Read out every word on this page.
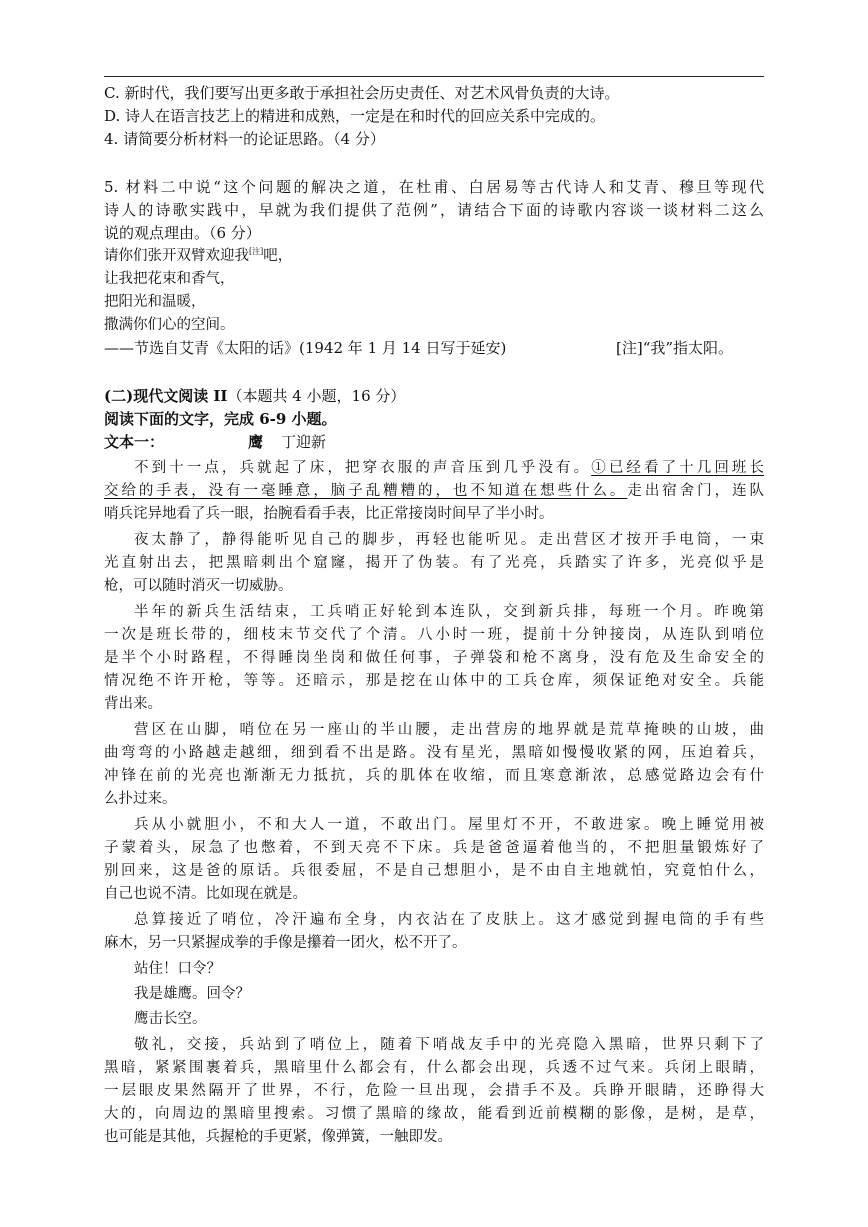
C. 新时代，我们要写出更多敢于承担社会历史责任、对艺术风骨负责的大诗。
D. 诗人在语言技艺上的精进和成熟，一定是在和时代的回应关系中完成的。
4. 请简要分析材料一的论证思路。（4 分）
5. 材料二中说“这个问题的解决之道，在杜甫、白居易等古代诗人和艾青、穆旦等现代
诗人的诗歌实践中，早就为我们提供了范例”，请结合下面的诗歌内容谈一谈材料二这么
说的观点理由。（6 分）
请你们张开双臂欢迎我[注]吧，
让我把花束和香气，
把阳光和温暖，
撒满你们心的空间。
——节选自艾青《太阳的话》(1942 年 1 月 14 日写于延安)	[注]“我”指太阳。
(二)现代文阅读 II（本题共 4 小题，16 分）
阅读下面的文字，完成 6-9 小题。
文本一：	鹰 丁迎新
不到十一点，兵就起了床，把穿衣服的声音压到几乎没有。①已经看了十几回班长
交给的手表，没有一毫睡意，脑子乱糟糟的，也不知道在想些什么。走出宿舍门，连队
哨兵诧异地看了兵一眼，抬腕看看手表，比正常接岗时间早了半小时。
夜太静了，静得能听见自己的脚步，再轻也能听见。走出营区才按开手电筒，一束
光直射出去，把黑暗刺出个窟窿，揭开了伪装。有了光亮，兵踏实了许多，光亮似乎是
枪，可以随时消灭一切威胁。
半年的新兵生活结束，工兵哨正好轮到本连队，交到新兵排，每班一个月。昨晚第
一次是班长带的，细枝末节交代了个清。八小时一班，提前十分钟接岗，从连队到哨位
是半个小时路程，不得睡岗坐岗和做任何事，子弹袋和枪不离身，没有危及生命安全的
情况绝不许开枪，等等。还暗示，那是挖在山体中的工兵仓库，须保证绝对安全。兵能
背出来。
营区在山脚，哨位在另一座山的半山腰，走出营房的地界就是荒草掩映的山坡，曲
曲弯弯的小路越走越细，细到看不出是路。没有星光，黑暗如慢慢收紧的网，压迫着兵，
冲锋在前的光亮也渐渐无力抵抗，兵的肌体在收缩，而且寒意渐浓，总感觉路边会有什
么扑过来。
兵从小就胆小，不和大人一道，不敢出门。屋里灯不开，不敢进家。晚上睡觉用被
子蒙着头，尿急了也憋着，不到天亮不下床。兵是爸爸逼着他当的，不把胆量锻炼好了
别回来，这是爸的原话。兵很委屈，不是自己想胆小，是不由自主地就怕，究竟怕什么，
自己也说不清。比如现在就是。
总算接近了哨位，冷汗遍布全身，内衣沾在了皮肤上。这才感觉到握电筒的手有些
麻木，另一只紧握成拳的手像是攥着一团火，松不开了。
站住！口令？
我是雄鹰。回令？
鹰击长空。
敬礼，交接，兵站到了哨位上，随着下哨战友手中的光亮隐入黑暗，世界只剩下了
黑暗，紧紧围裹着兵，黑暗里什么都会有，什么都会出现，兵透不过气来。兵闭上眼睛，
一层眼皮果然隔开了世界，不行，危险一旦出现，会措手不及。兵睁开眼睛，还睁得大
大的，向周边的黑暗里搜索。习惯了黑暗的缘故，能看到近前模糊的影像，是树，是草，
也可能是其他，兵握枪的手更紧，像弹簧，一触即发。
